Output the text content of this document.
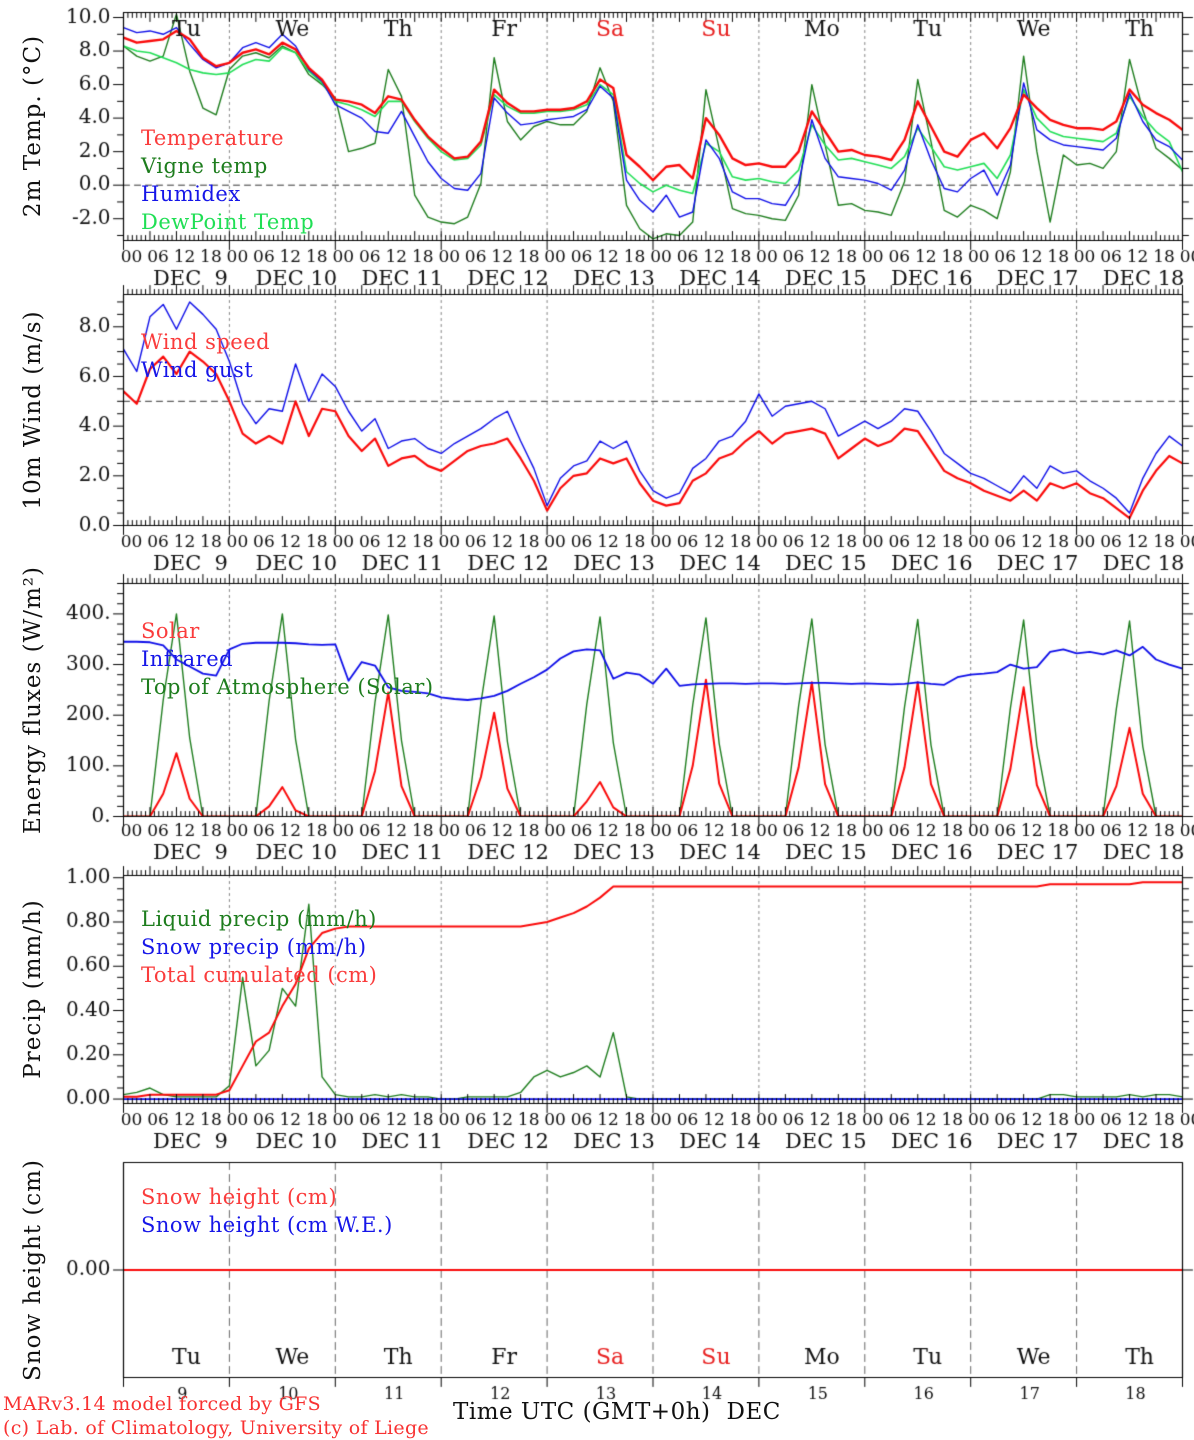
2m Temp. (°C)
10m Wind (m/s)
Energy fluxes (W/m²)
Precip (mm/h)
Snow height (cm)
Temperature
Vigne temp
Humidex
DewPoint Temp
Wind speed
Wind gust
Solar
Infrared
Top of Atmosphere (Solar)
Liquid precip (mm/h)
Snow precip (mm/h)
Total cumulated (cm)
Snow height (cm)
Snow height (cm W.E.)
MARv3.14 model forced by GFS
(c) Lab. of Climatology, University of Liege
Time UTC (GMT+0h) DEC
